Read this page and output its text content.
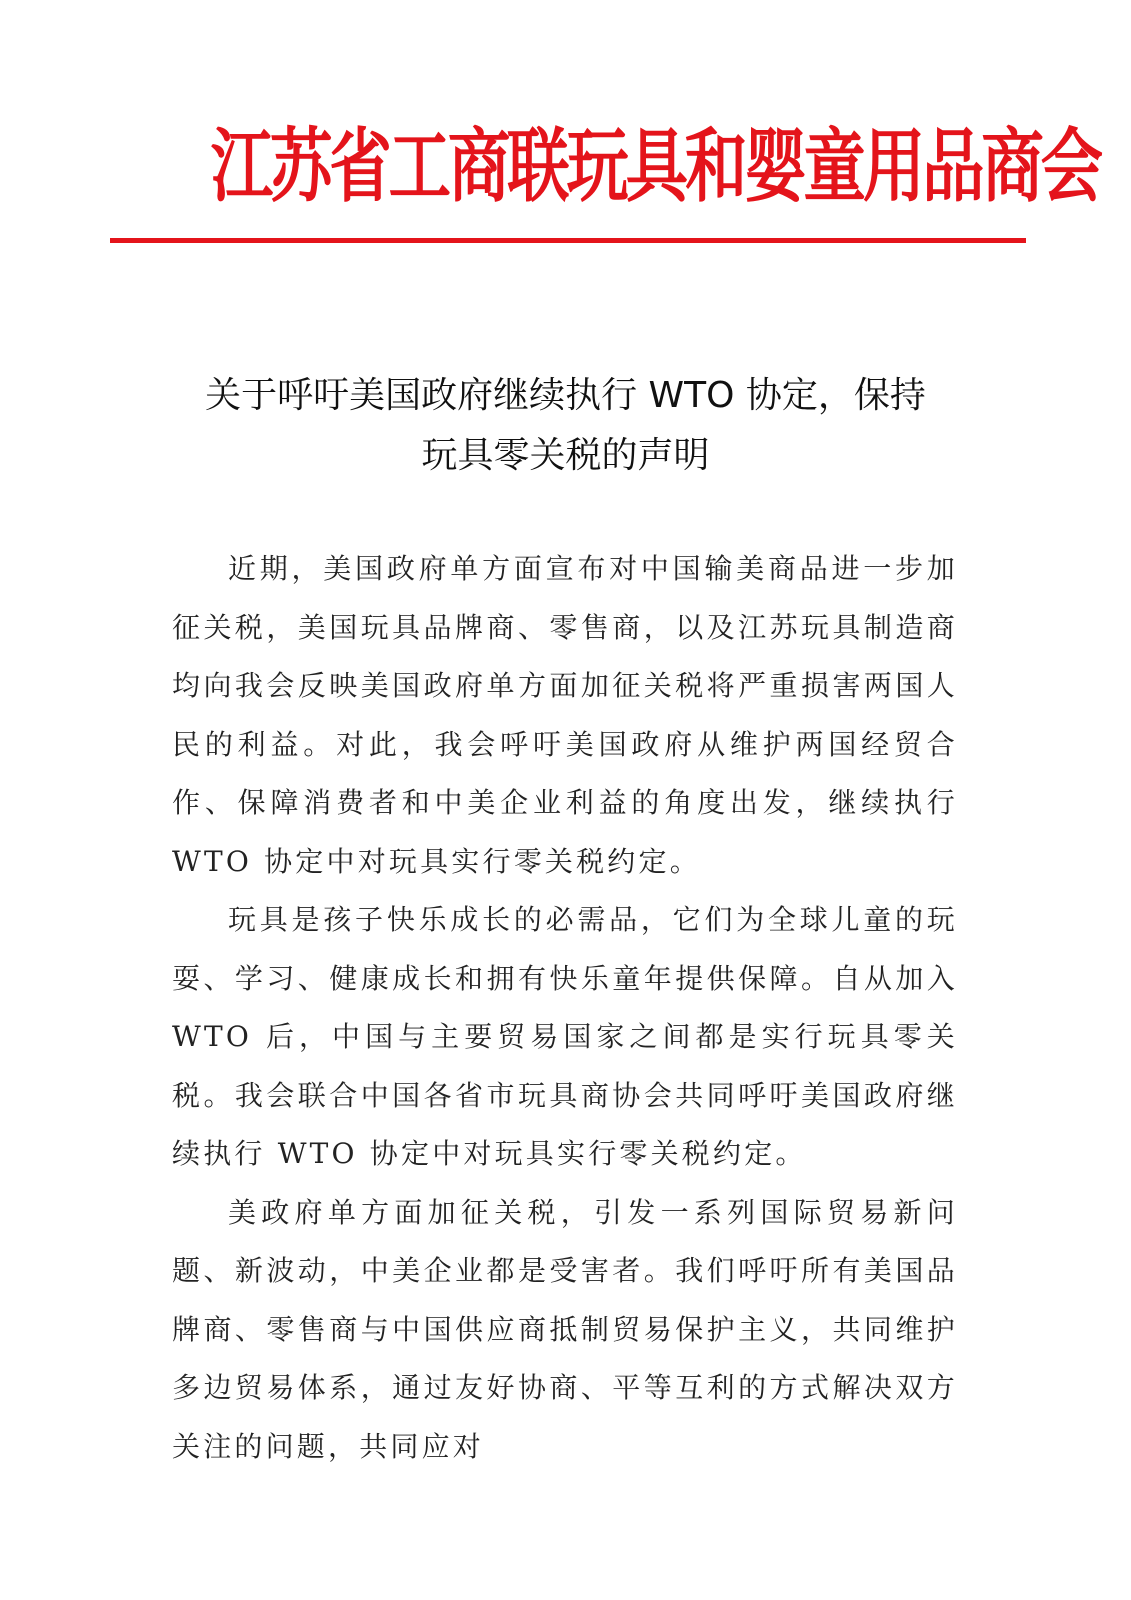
江苏省工商联玩具和婴童用品商会
关于呼吁美国政府继续执行 WTO 协定，保持
玩具零关税的声明

近期，美国政府单方面宣布对中国输美商品进一步加征关税，美国玩具品牌商、零售商，以及江苏玩具制造商均向我会反映美国政府单方面加征关税将严重损害两国人民的利益。对此，我会呼吁美国政府从维护两国经贸合作、保障消费者和中美企业利益的角度出发，继续执行 WTO 协定中对玩具实行零关税约定。

玩具是孩子快乐成长的必需品，它们为全球儿童的玩耍、学习、健康成长和拥有快乐童年提供保障。自从加入 WTO 后，中国与主要贸易国家之间都是实行玩具零关税。我会联合中国各省市玩具商协会共同呼吁美国政府继续执行 WTO 协定中对玩具实行零关税约定。

美政府单方面加征关税，引发一系列国际贸易新问题、新波动，中美企业都是受害者。我们呼吁所有美国品牌商、零售商与中国供应商抵制贸易保护主义，共同维护多边贸易体系，通过友好协商、平等互利的方式解决双方关注的问题，共同应对
